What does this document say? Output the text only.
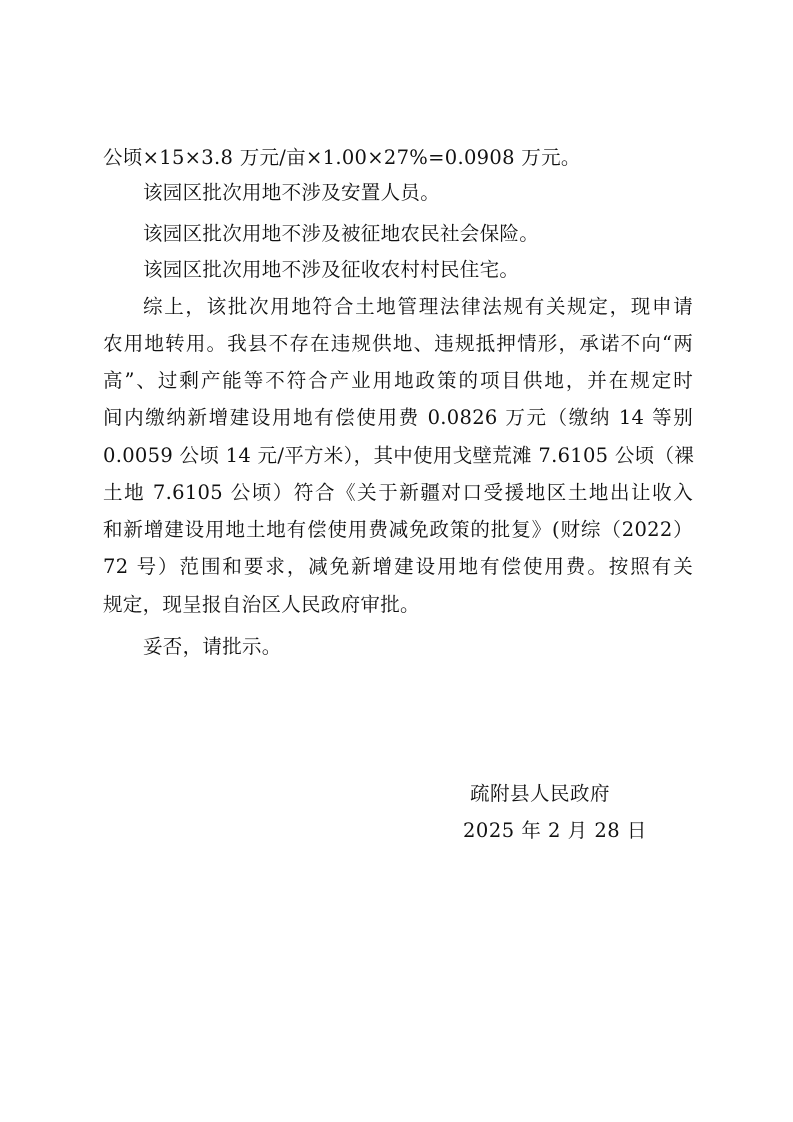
公顷×15×3.8 万元/亩×1.00×27%=0.0908 万元。
该园区批次用地不涉及安置人员。
该园区批次用地不涉及被征地农民社会保险。
该园区批次用地不涉及征收农村村民住宅。
综上，该批次用地符合土地管理法律法规有关规定，现申请
农用地转用。我县不存在违规供地、违规抵押情形，承诺不向“两
高”、过剩产能等不符合产业用地政策的项目供地，并在规定时
间内缴纳新增建设用地有偿使用费 0.0826 万元（缴纳 14 等别
0.0059 公顷 14 元/平方米），其中使用戈壁荒滩 7.6105 公顷（裸
土地 7.6105 公顷）符合《关于新疆对口受援地区土地出让收入
和新增建设用地土地有偿使用费减免政策的批复》(财综（2022）
72 号）范围和要求，减免新增建设用地有偿使用费。按照有关
规定，现呈报自治区人民政府审批。
妥否，请批示。
疏附县人民政府
2025 年 2 月 28 日
